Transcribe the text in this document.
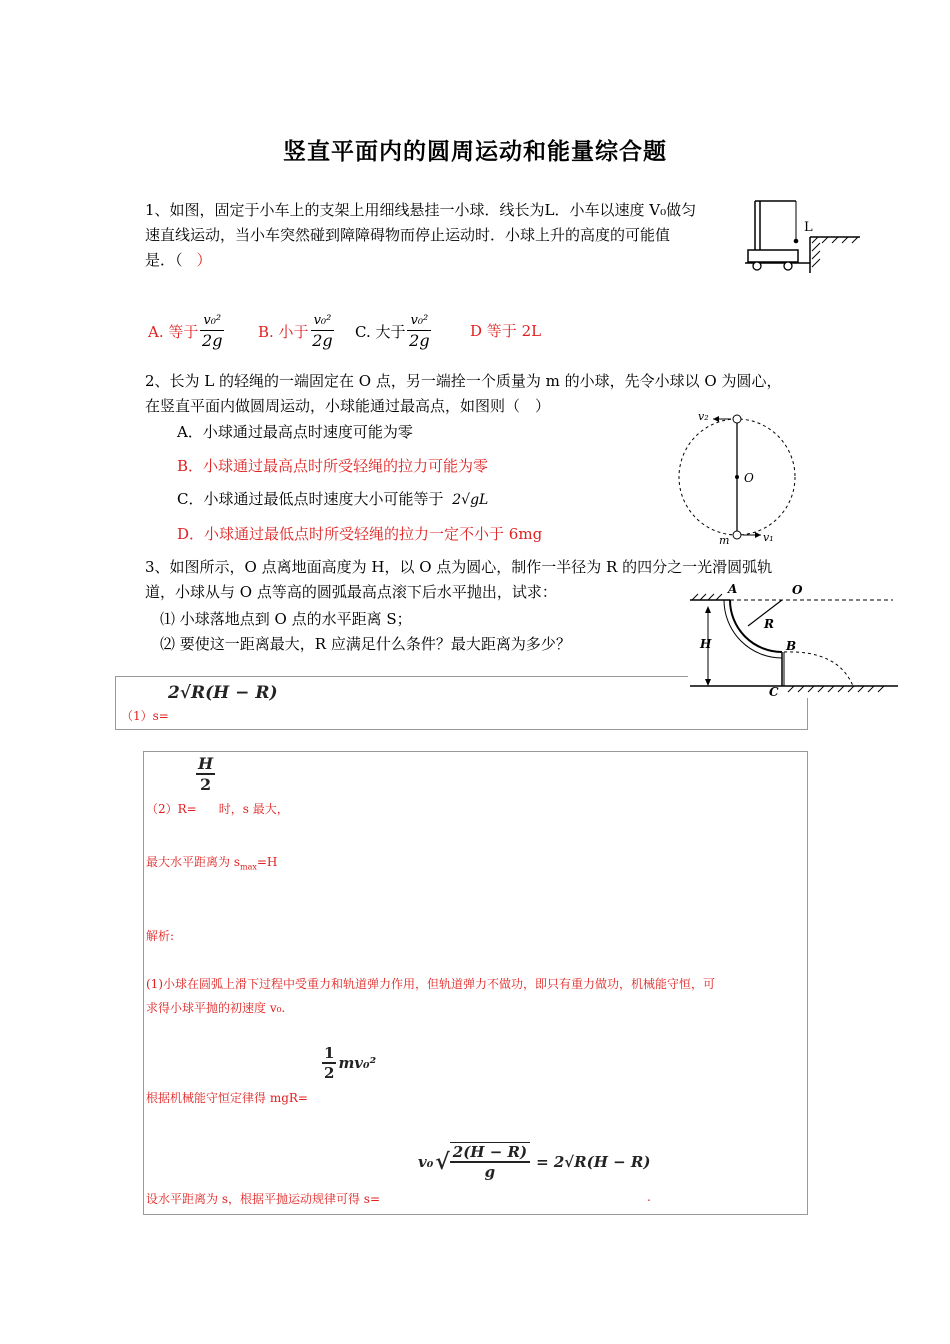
竖直平面内的圆周运动和能量综合题
1、如图，固定于小车上的支架上用细线悬挂一小球．线长为L．小车以速度 V₀做匀
速直线运动，当小车突然碰到障障碍物而停止运动时．小球上升的高度的可能值
是．（ ）
L
A. 等于 $\frac{\text{v₀²}}{2g} B$. 小于 $\frac{\text{v₀²}}{2g} C$. 大于 $\frac{\text{v₀²}}{2g}$	D 等于 2L
2、长为 L 的轻绳的一端固定在 O 点，另一端拴一个质量为 m 的小球，先令小球以 O 为圆心，
在竖直平面内做圆周运动，小球能通过最高点，如图则（　）
A．小球通过最高点时速度可能为零
B．小球通过最高点时所受轻绳的拉力可能为零
C．小球通过最低点时速度大小可能等于 2√gL
D．小球通过最低点时所受轻绳的拉力一定不小于 6mg
O
v₂
v₁
m
3、如图所示，O 点离地面高度为 H，以 O 点为圆心，制作一半径为 R 的四分之一光滑圆弧轨
道，小球从与 O 点等高的圆弧最高点滚下后水平抛出，试求：
⑴ 小球落地点到 O 点的水平距离 S；
⑵ 要使这一距离最大，R 应满足什么条件？最大距离为多少？
2√R(H − R)
（1）s=
A	O
R
B
H
C
H
2
（2）R= 时，s 最大，
最大水平距离为 $s_{max}=H$
解析:
(1)小球在圆弧上滑下过程中受重力和轨道弹力作用，但轨道弹力不做功，即只有重力做功，机械能守恒，可
求得小球平抛的初速度 v₀.
1
2
mv₀²
根据机械能守恒定律得 mgR=
v₀ √ $\frac{2(H - R)}{g} = 2√R(H - R)$
设水平距离为 s，根据平抛运动规律可得 s=	.
